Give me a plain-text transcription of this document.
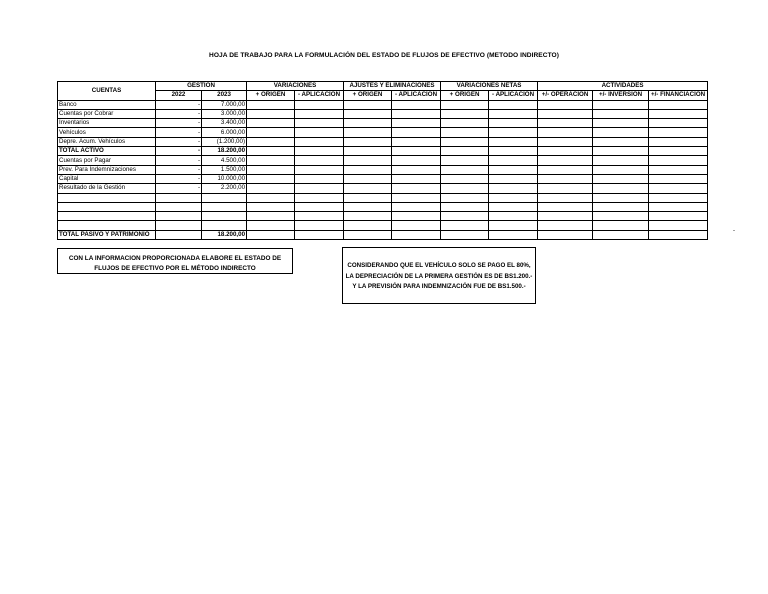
HOJA DE TRABAJO PARA LA FORMULACIÓN DEL ESTADO DE FLUJOS DE EFECTIVO (METODO INDIRECTO)
CUENTAS	GESTION		VARIACIONES		AJUSTES Y ELIMINACIONES		VARIACIONES NETAS		ACTIVIDADES		
	2022	2023	+ ORIGEN	- APLICACIÓN	+ ORIGEN	- APLICACIÓN	+ ORIGEN	- APLICACIÓN	+/- OPERACIÓN	+/- INVERSIÓN	+/- FINANCIACIÓN
Banco	-	7.000,00									
Cuentas por Cobrar	-	3.000,00									
Inventarios	-	3.400,00									
Vehículos	-	6.000,00									
Depre. Acum. Vehículos	-	(1.200,00)									
TOTAL ACTIVO	-	18.200,00									
Cuentas por Pagar	-	4.500,00									
Prev. Para Indemnizaciones	-	1.500,00									
Capital	-	10.000,00									
Resultado de la Gestión	-	2.200,00									

TOTAL PASIVO Y PATRIMONIO		18.200,00										-
CON LA INFORMACION PROPORCIONADA ELABORE EL ESTADO DE FLUJOS DE EFECTIVO POR EL MÉTODO INDIRECTO	CONSIDERANDO QUE EL VEHÍCULO SOLO SE PAGO EL 80%, LA DEPRECIACIÓN DE LA PRIMERA GESTIÓN ES DE BS1.200.- Y LA PREVISIÓN PARA INDEMNIZACIÓN FUE DE BS1.500.-
